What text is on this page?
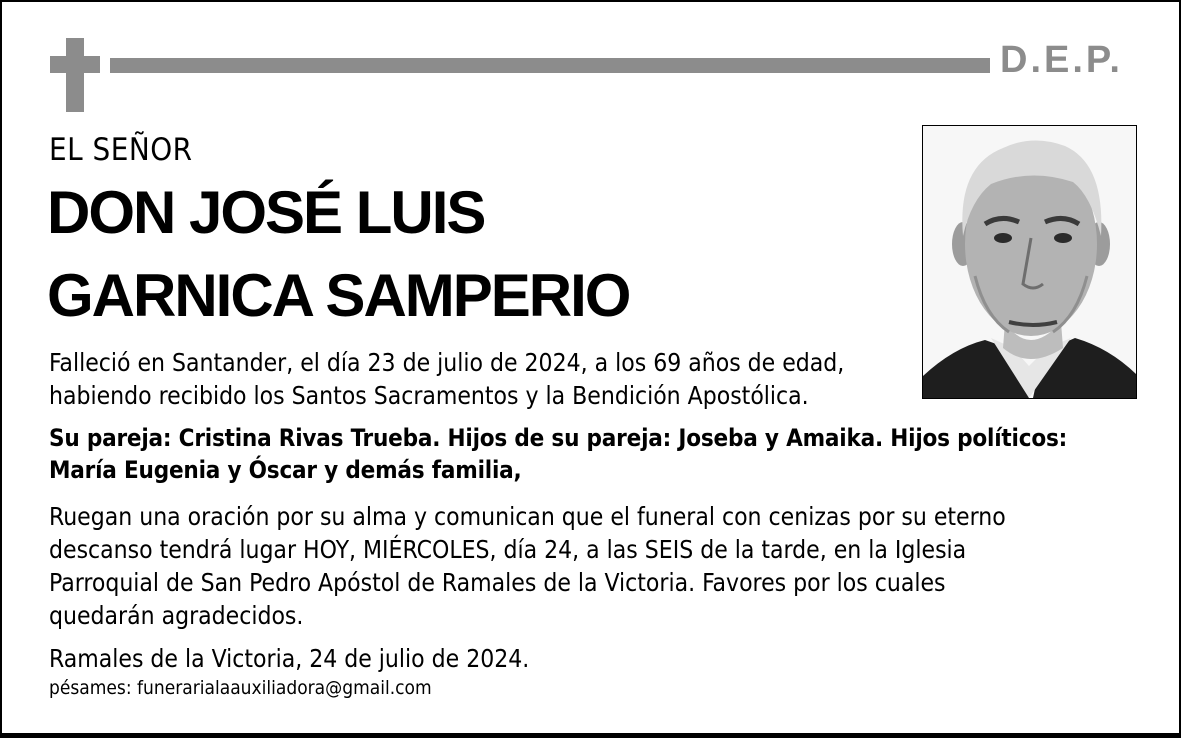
D.E.P.
EL SEÑOR
DON JOSÉ LUIS
GARNICA SAMPERIO
Falleció en Santander, el día 23 de julio de 2024, a los 69 años de edad,
habiendo recibido los Santos Sacramentos y la Bendición Apostólica.
Su pareja: Cristina Rivas Trueba. Hijos de su pareja: Joseba y Amaika. Hijos políticos:
María Eugenia y Óscar y demás familia,
Ruegan una oración por su alma y comunican que el funeral con cenizas por su eterno
descanso tendrá lugar HOY, MIÉRCOLES, día 24, a las SEIS de la tarde, en la Iglesia
Parroquial de San Pedro Apóstol de Ramales de la Victoria. Favores por los cuales
quedarán agradecidos.
Ramales de la Victoria, 24 de julio de 2024.
pésames: funerarialaauxiliadora@gmail.com
